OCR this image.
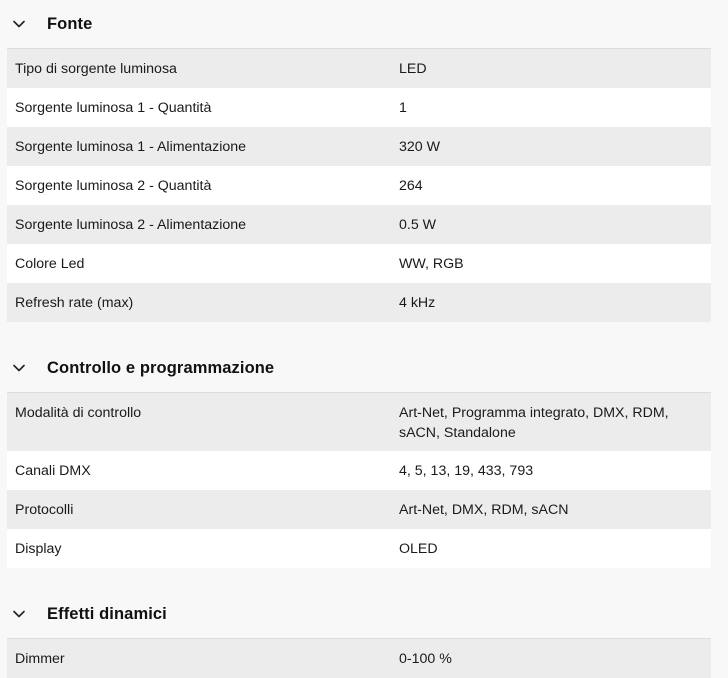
Fonte
Tipo di sorgente luminosa	LED
Sorgente luminosa 1 - Quantità	1
Sorgente luminosa 1 - Alimentazione	320 W
Sorgente luminosa 2 - Quantità	264
Sorgente luminosa 2 - Alimentazione	0.5 W
Colore Led	WW, RGB
Refresh rate (max)	4 kHz
Controllo e programmazione
Modalità di controllo	Art-Net, Programma integrato, DMX, RDM, sACN, Standalone
Canali DMX	4, 5, 13, 19, 433, 793
Protocolli	Art-Net, DMX, RDM, sACN
Display	OLED
Effetti dinamici
Dimmer	0-100 %
